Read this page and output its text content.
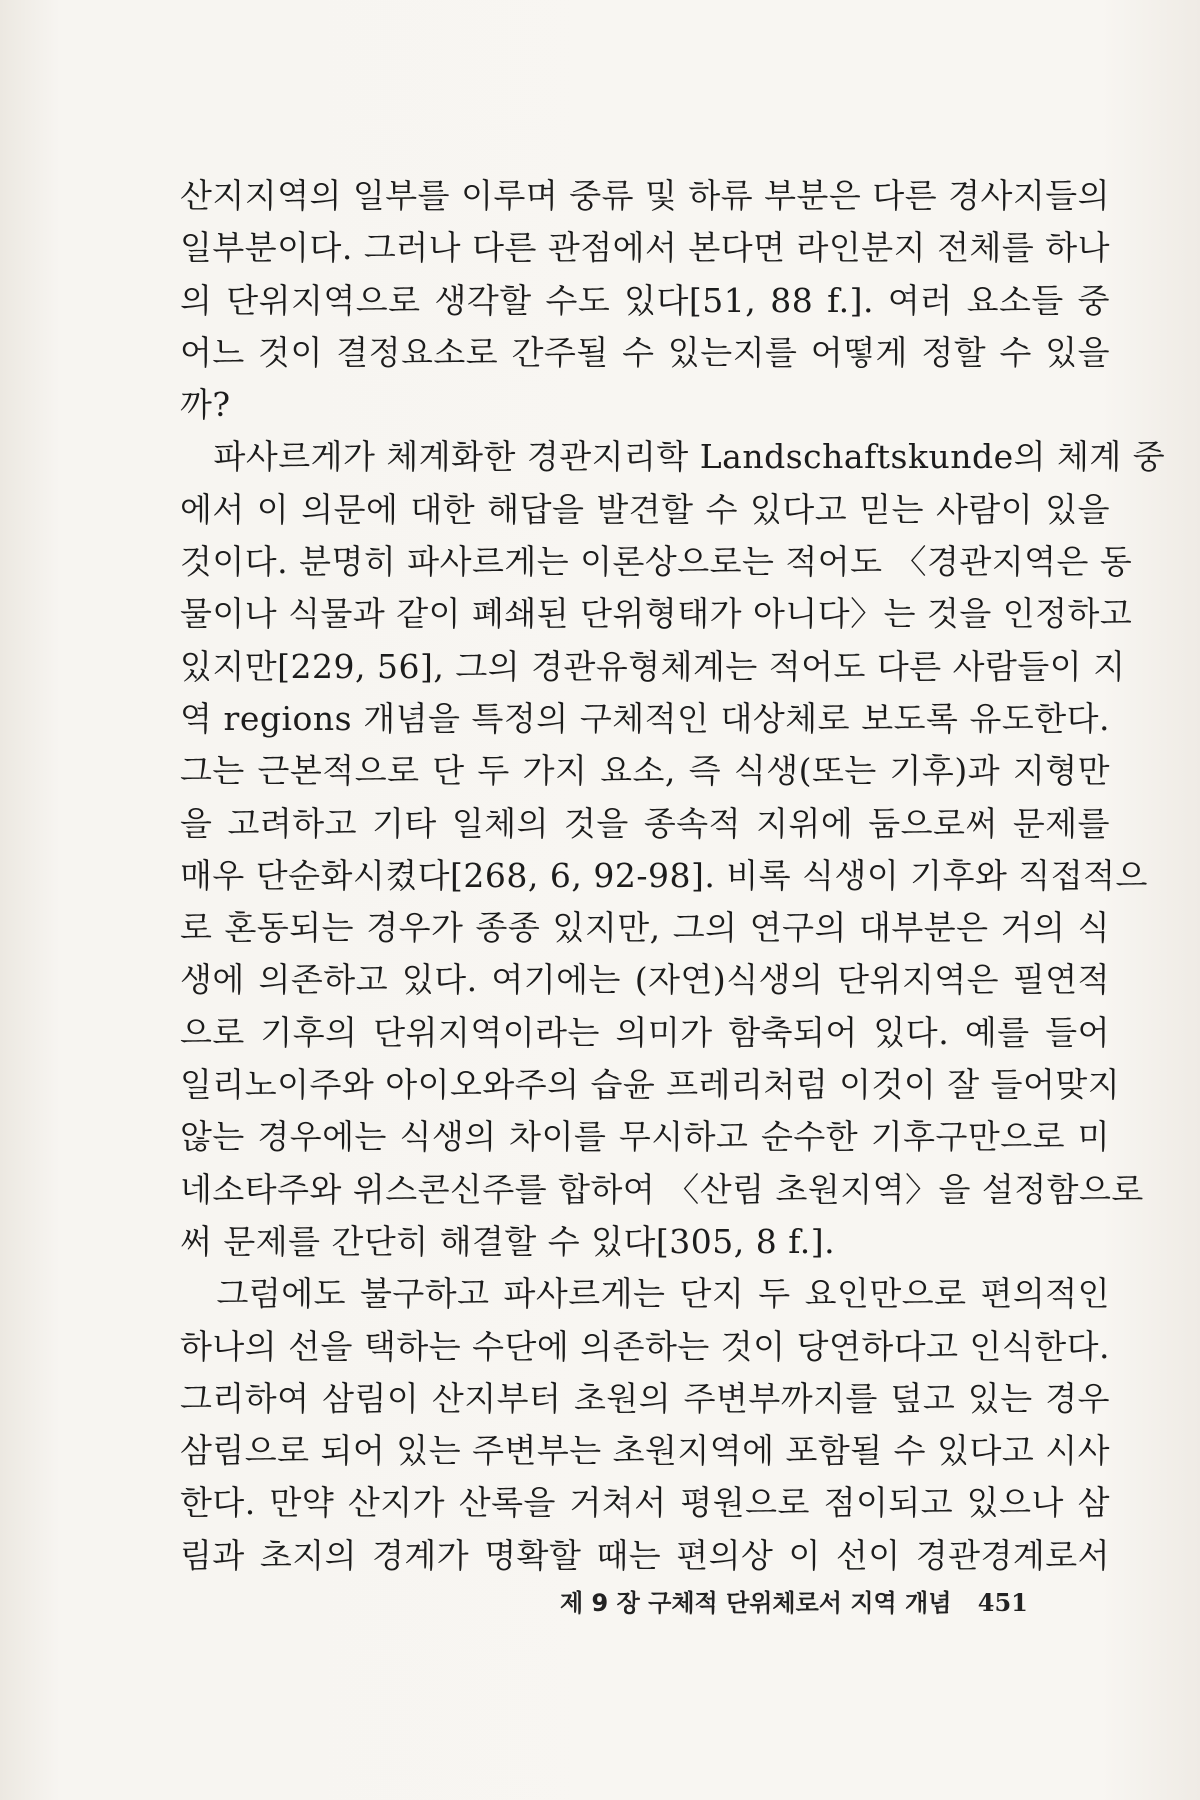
산지지역의 일부를 이루며 중류 및 하류 부분은 다른 경사지들의
일부분이다. 그러나 다른 관점에서 본다면 라인분지 전체를 하나
의 단위지역으로 생각할 수도 있다[51, 88 f.]. 여러 요소들 중
어느 것이 결정요소로 간주될 수 있는지를 어떻게 정할 수 있을
까?
　파사르게가 체계화한 경관지리학 Landschaftskunde의 체계 중
에서 이 의문에 대한 해답을 발견할 수 있다고 믿는 사람이 있을
것이다. 분명히 파사르게는 이론상으로는 적어도 〈경관지역은 동
물이나 식물과 같이 폐쇄된 단위형태가 아니다〉는 것을 인정하고
있지만[229, 56], 그의 경관유형체계는 적어도 다른 사람들이 지
역 regions 개념을 특정의 구체적인 대상체로 보도록 유도한다.
그는 근본적으로 단 두 가지 요소, 즉 식생(또는 기후)과 지형만
을 고려하고 기타 일체의 것을 종속적 지위에 둠으로써 문제를
매우 단순화시켰다[268, 6, 92-98]. 비록 식생이 기후와 직접적으
로 혼동되는 경우가 종종 있지만, 그의 연구의 대부분은 거의 식
생에 의존하고 있다. 여기에는 (자연)식생의 단위지역은 필연적
으로 기후의 단위지역이라는 의미가 함축되어 있다. 예를 들어
일리노이주와 아이오와주의 습윤 프레리처럼 이것이 잘 들어맞지
않는 경우에는 식생의 차이를 무시하고 순수한 기후구만으로 미
네소타주와 위스콘신주를 합하여 〈산림 초원지역〉을 설정함으로
써 문제를 간단히 해결할 수 있다[305, 8 f.].
　그럼에도 불구하고 파사르게는 단지 두 요인만으로 편의적인
하나의 선을 택하는 수단에 의존하는 것이 당연하다고 인식한다.
그리하여 삼림이 산지부터 초원의 주변부까지를 덮고 있는 경우
삼림으로 되어 있는 주변부는 초원지역에 포함될 수 있다고 시사
한다. 만약 산지가 산록을 거쳐서 평원으로 점이되고 있으나 삼
림과 초지의 경계가 명확할 때는 편의상 이 선이 경관경계로서
제 9 장 구체적 단위체로서 지역 개념 451
